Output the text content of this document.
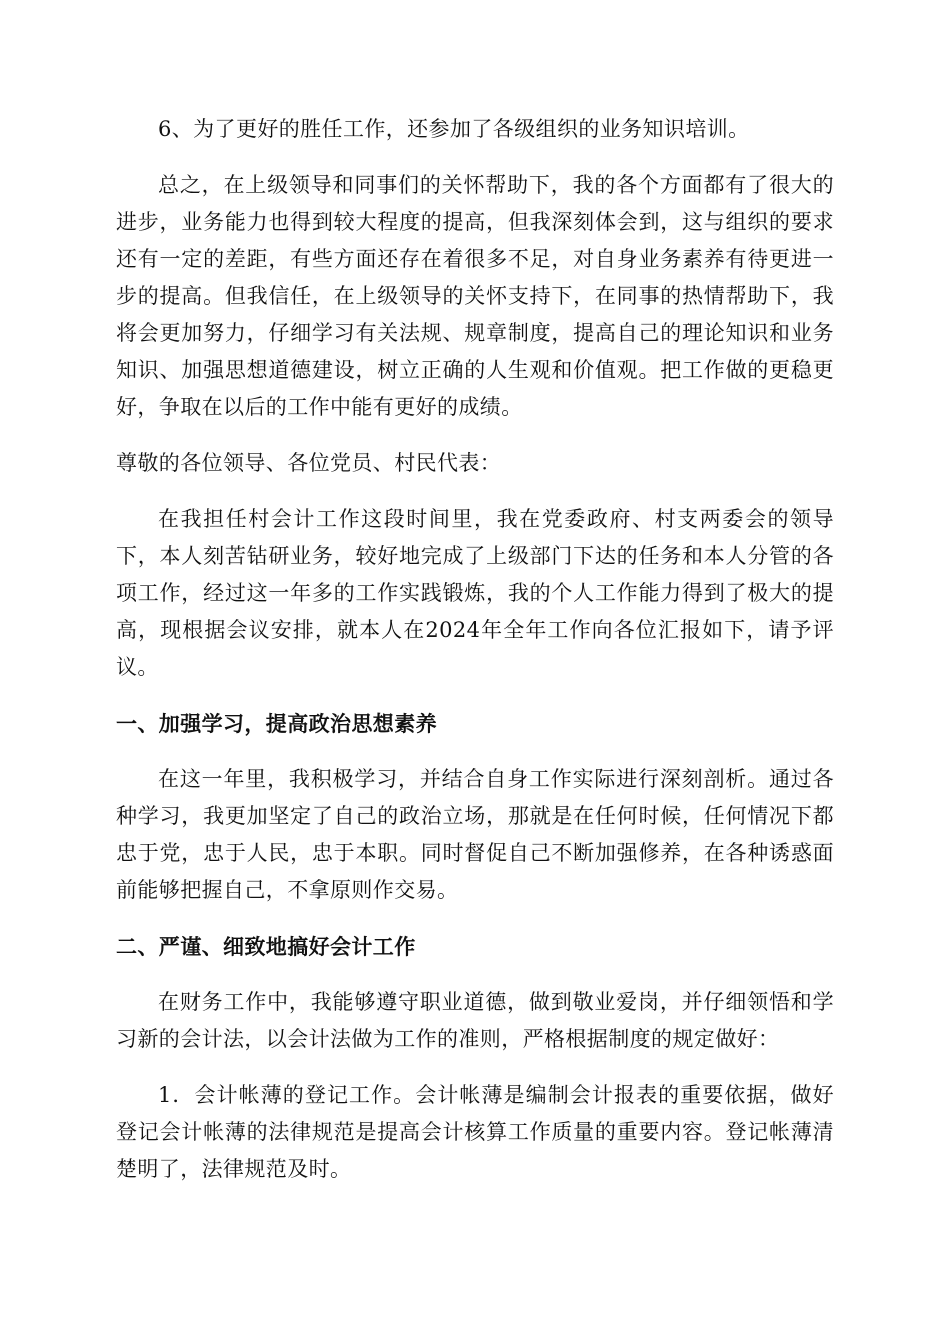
6、为了更好的胜任工作，还参加了各级组织的业务知识培训。

总之，在上级领导和同事们的关怀帮助下，我的各个方面都有了很大的进步，业务能力也得到较大程度的提高，但我深刻体会到，这与组织的要求还有一定的差距，有些方面还存在着很多不足，对自身业务素养有待更进一步的提高。但我信任，在上级领导的关怀支持下，在同事的热情帮助下，我将会更加努力，仔细学习有关法规、规章制度，提高自己的理论知识和业务知识、加强思想道德建设，树立正确的人生观和价值观。把工作做的更稳更好，争取在以后的工作中能有更好的成绩。

尊敬的各位领导、各位党员、村民代表：

在我担任村会计工作这段时间里，我在党委政府、村支两委会的领导下，本人刻苦钻研业务，较好地完成了上级部门下达的任务和本人分管的各项工作，经过这一年多的工作实践锻炼，我的个人工作能力得到了极大的提高，现根据会议安排，就本人在2024年全年工作向各位汇报如下，请予评议。

一、加强学习，提高政治思想素养

在这一年里，我积极学习，并结合自身工作实际进行深刻剖析。通过各种学习，我更加坚定了自己的政治立场，那就是在任何时候，任何情况下都忠于党，忠于人民，忠于本职。同时督促自己不断加强修养，在各种诱惑面前能够把握自己，不拿原则作交易。

二、严谨、细致地搞好会计工作

在财务工作中，我能够遵守职业道德，做到敬业爱岗，并仔细领悟和学习新的会计法，以会计法做为工作的准则，严格根据制度的规定做好：

1．会计帐薄的登记工作。会计帐薄是编制会计报表的重要依据，做好登记会计帐薄的法律规范是提高会计核算工作质量的重要内容。登记帐薄清楚明了，法律规范及时。
